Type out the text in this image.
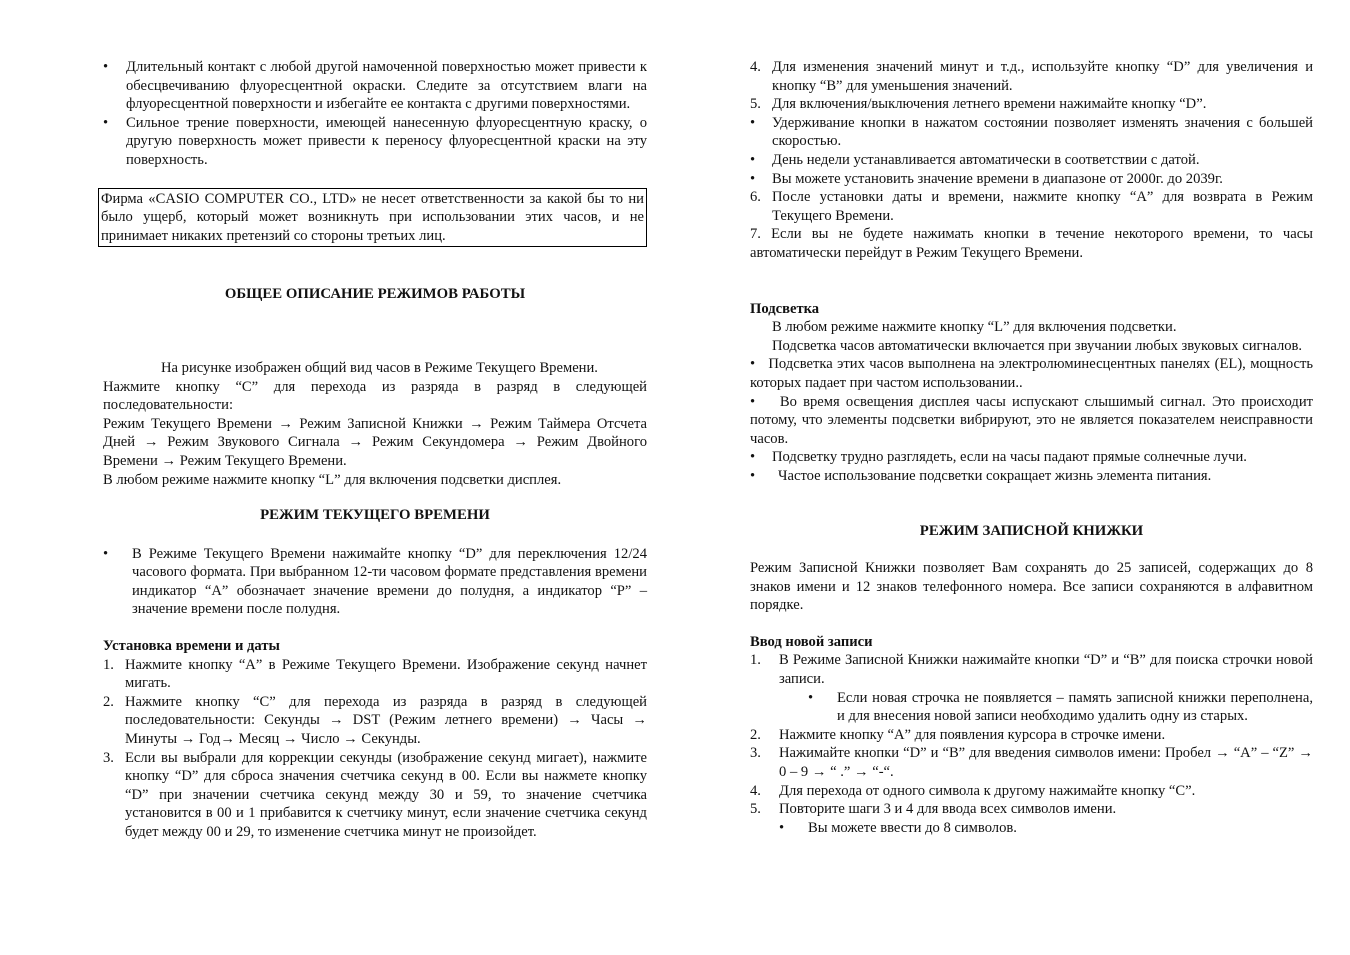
•	Длительный контакт с любой другой намоченной поверхностью может привести к обесцвечиванию флуоресцентной окраски. Следите за отсутствием влаги на флуоресцентной поверхности и избегайте ее контакта с другими поверхностями.
•	Сильное трение поверхности, имеющей нанесенную флуоресцентную краску, о другую поверхность может привести к переносу флуоресцентной краски на эту поверхность.
Фирма «CASIO COMPUTER CO., LTD» не несет ответственности за какой бы то ни было ущерб, который может возникнуть при использовании этих часов, и не принимает никаких претензий со стороны третьих лиц.
ОБЩЕЕ ОПИСАНИЕ РЕЖИМОВ РАБОТЫ

На рисунке изображен общий вид часов в Режиме Текущего Времени.

Нажмите кнопку “C” для перехода из разряда в разряд в следующей последовательности:

Режим Текущего Времени → Режим Записной Книжки → Режим Таймера Отсчета Дней → Режим Звукового Сигнала → Режим Секундомера → Режим Двойного Времени → Режим Текущего Времени.

В любом режиме нажмите кнопку “L” для включения подсветки дисплея.

РЕЖИМ ТЕКУЩЕГО ВРЕМЕНИ
•	В Режиме Текущего Времени нажимайте кнопку “D” для переключения 12/24 часового формата. При выбранном 12-ти часовом формате представления времени индикатор “A” обозначает значение времени до полудня, а индикатор “P” – значение времени после полудня.

Установка времени и даты

1. Нажмите кнопку “A” в Режиме Текущего Времени. Изображение секунд начнет мигать.
2. Нажмите кнопку “C” для перехода из разряда в разряд в следующей последовательности: Секунды → DST (Режим летнего времени) → Часы → Минуты → Год→ Месяц → Число → Секунды.
3. Если вы выбрали для коррекции секунды (изображение секунд мигает), нажмите кнопку “D” для сброса значения счетчика секунд в 00. Если вы нажмете кнопку “D” при значении счетчика секунд между 30 и 59, то значение счетчика установится в 00 и 1 прибавится к счетчику минут, если значение счетчика секунд будет между 00 и 29, то изменение счетчика минут не произойдет.
4. Для изменения значений минут и т.д., используйте кнопку “D” для увеличения и кнопку “B” для уменьшения значений.
5. Для включения/выключения летнего времени нажимайте кнопку “D”.
•	Удерживание кнопки в нажатом состоянии позволяет изменять значения с большей скоростью.
•	День недели устанавливается автоматически в соответствии с датой.
•	Вы можете установить значение времени в диапазоне от 2000г. до 2039г.
6. После установки даты и времени, нажмите кнопку “A” для возврата в Режим Текущего Времени.

7. Если вы не будете нажимать кнопки в течение некоторого времени, то часы автоматически перейдут в Режим Текущего Времени.

Подсветка

В любом режиме нажмите кнопку “L” для включения подсветки.

Подсветка часов автоматически включается при звучании любых звуковых сигналов.

•   Подсветка этих часов выполнена на электролюминесцентных панелях (EL), мощность которых падает при частом использовании..

•    Во время освещения дисплея часы испускают слышимый сигнал. Это происходит потому, что элементы подсветки вибрируют, это не является показателем неисправности часов.

•	Подсветку трудно разглядеть, если на часы падают прямые солнечные лучи.
•	Частое использование подсветки сокращает жизнь элемента питания.
РЕЖИМ ЗАПИСНОЙ КНИЖКИ

Режим Записной Книжки позволяет Вам сохранять до 25 записей, содержащих до 8 знаков имени и 12 знаков телефонного номера. Все записи сохраняются в алфавитном порядке.

Ввод новой записи

1.	В Режиме Записной Книжки нажимайте кнопки “D” и “B” для поиска строчки новой записи.
•	Если новая строчка не появляется – память записной книжки переполнена, и для внесения новой записи необходимо удалить одну из старых.
2.	Нажмите кнопку “A” для появления курсора в строчке имени.
3.	Нажимайте кнопки “D” и “B” для введения символов имени: Пробел → “A” – “Z” → 0 – 9 → “ .” → “-“.
4.	Для перехода от одного символа к другому нажимайте кнопку “C”.
5.	Повторите шаги 3 и 4 для ввода всех символов имени.
•	Вы можете ввести до 8 символов.
